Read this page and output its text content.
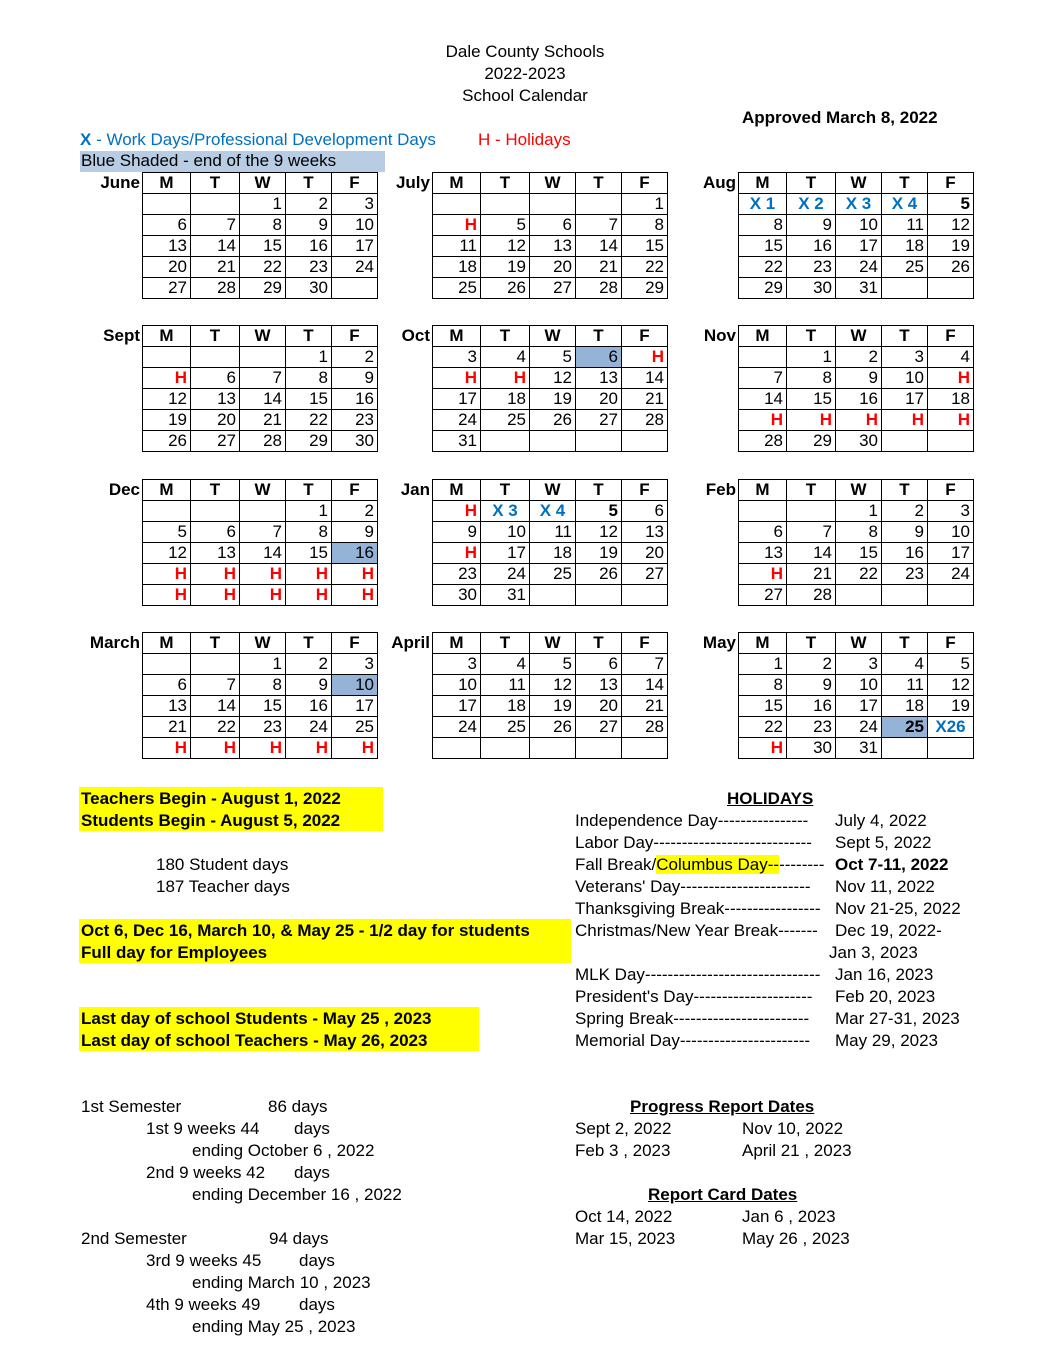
Dale County Schools
2022-2023
School Calendar
Approved March 8, 2022
X - Work Days/Professional Development Days H - Holidays
Blue Shaded - end of the 9 weeks
June M	T	W	T	F
		1	2	3
6	7	8	9	10
13	14	15	16	17
20	21	22	23	24
27	28	29	30	
July M	T	W	T	F
				1
H	5	6	7	8
11	12	13	14	15
18	19	20	21	22
25	26	27	28	29
Aug M	T	W	T	F
X 1	X 2	X 3	X 4	5
8	9	10	11	12
15	16	17	18	19
22	23	24	25	26
29	30	31		
Sept M	T	W	T	F
			1	2
H	6	7	8	9
12	13	14	15	16
19	20	21	22	23
26	27	28	29	30
Oct M	T	W	T	F
3	4	5	6	H
H	H	12	13	14
17	18	19	20	21
24	25	26	27	28
31				
Nov M	T	W	T	F
	1	2	3	4
7	8	9	10	H
14	15	16	17	18
H	H	H	H	H
28	29	30		
Dec M	T	W	T	F
			1	2
5	6	7	8	9
12	13	14	15	16
H	H	H	H	H
H	H	H	H	H
Jan M	T	W	T	F
H	X 3	X 4	5	6
9	10	11	12	13
H	17	18	19	20
23	24	25	26	27
30	31			
Feb M	T	W	T	F
		1	2	3
6	7	8	9	10
13	14	15	16	17
H	21	22	23	24
27	28			
March M	T	W	T	F
		1	2	3
6	7	8	9	10
13	14	15	16	17
21	22	23	24	25
H	H	H	H	H
April M	T	W	T	F
3	4	5	6	7
10	11	12	13	14
17	18	19	20	21
24	25	26	27	28

May M	T	W	T	F
1	2	3	4	5
8	9	10	11	12
15	16	17	18	19
22	23	24	25	X26
H	30	31		
Teachers Begin - August 1, 2022
Students Begin - August 5, 2022
180 Student days
187 Teacher days
Oct 6, Dec 16, March 10, & May 25 - 1/2 day for students
Full day for Employees
Last day of school Students - May 25 , 2023
Last day of school Teachers - May 26, 2023
1st Semester	86 days
1st 9 weeks 44 days
ending October 6 , 2022
2nd 9 weeks 42 days
ending December 16 , 2022
2nd Semester	94 days
3rd 9 weeks 45 days
ending March 10 , 2023
4th 9 weeks 49 days
ending May 25 , 2023
HOLIDAYS
Independence Day---------------- July 4, 2022
Labor Day---------------------------- Sept 5, 2022
Fall Break/Columbus Day---------- Oct 7-11, 2022
Veterans' Day----------------------- Nov 11, 2022
Thanksgiving Break----------------- Nov 21-25, 2022
Christmas/New Year Break------- Dec 19, 2022-
Jan 3, 2023
MLK Day------------------------------- Jan 16, 2023
President's Day--------------------- Feb 20, 2023
Spring Break------------------------ Mar 27-31, 2023
Memorial Day----------------------- May 29, 2023
Progress Report Dates
Sept 2, 2022	Nov 10, 2022
Feb 3 , 2023	April 21 , 2023
Report Card Dates
Oct 14, 2022	Jan 6 , 2023
Mar 15, 2023	May 26 , 2023
